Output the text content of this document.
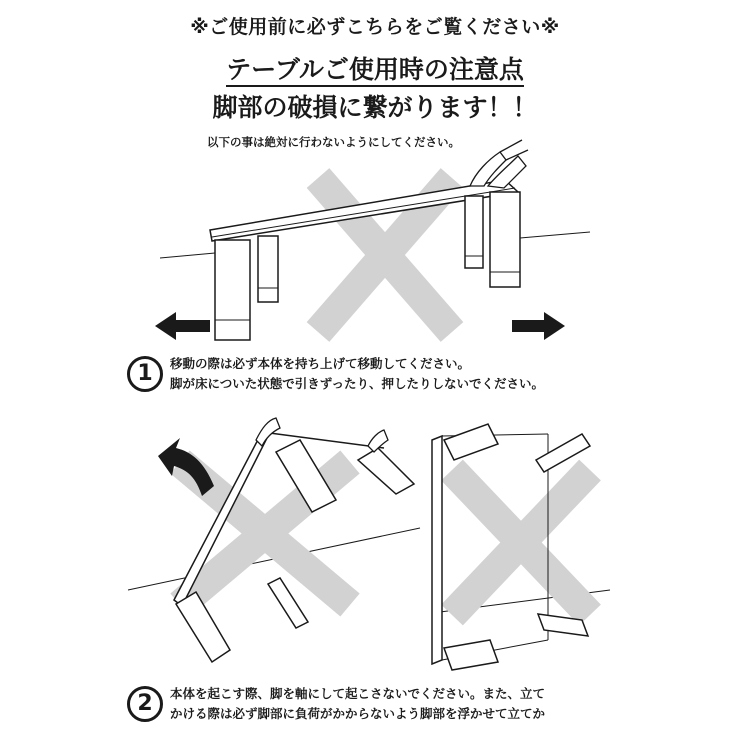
※ご使用前に必ずこちらをご覧ください※
テーブルご使用時の注意点
脚部の破損に繋がります！！
以下の事は絶対に行わないようにしてください。
1	移動の際は必ず本体を持ち上げて移動してください。
脚が床についた状態で引きずったり、押したりしないでください。
2	本体を起こす際、脚を軸にして起こさないでください。また、立て
かける際は必ず脚部に負荷がかからないよう脚部を浮かせて立てか
